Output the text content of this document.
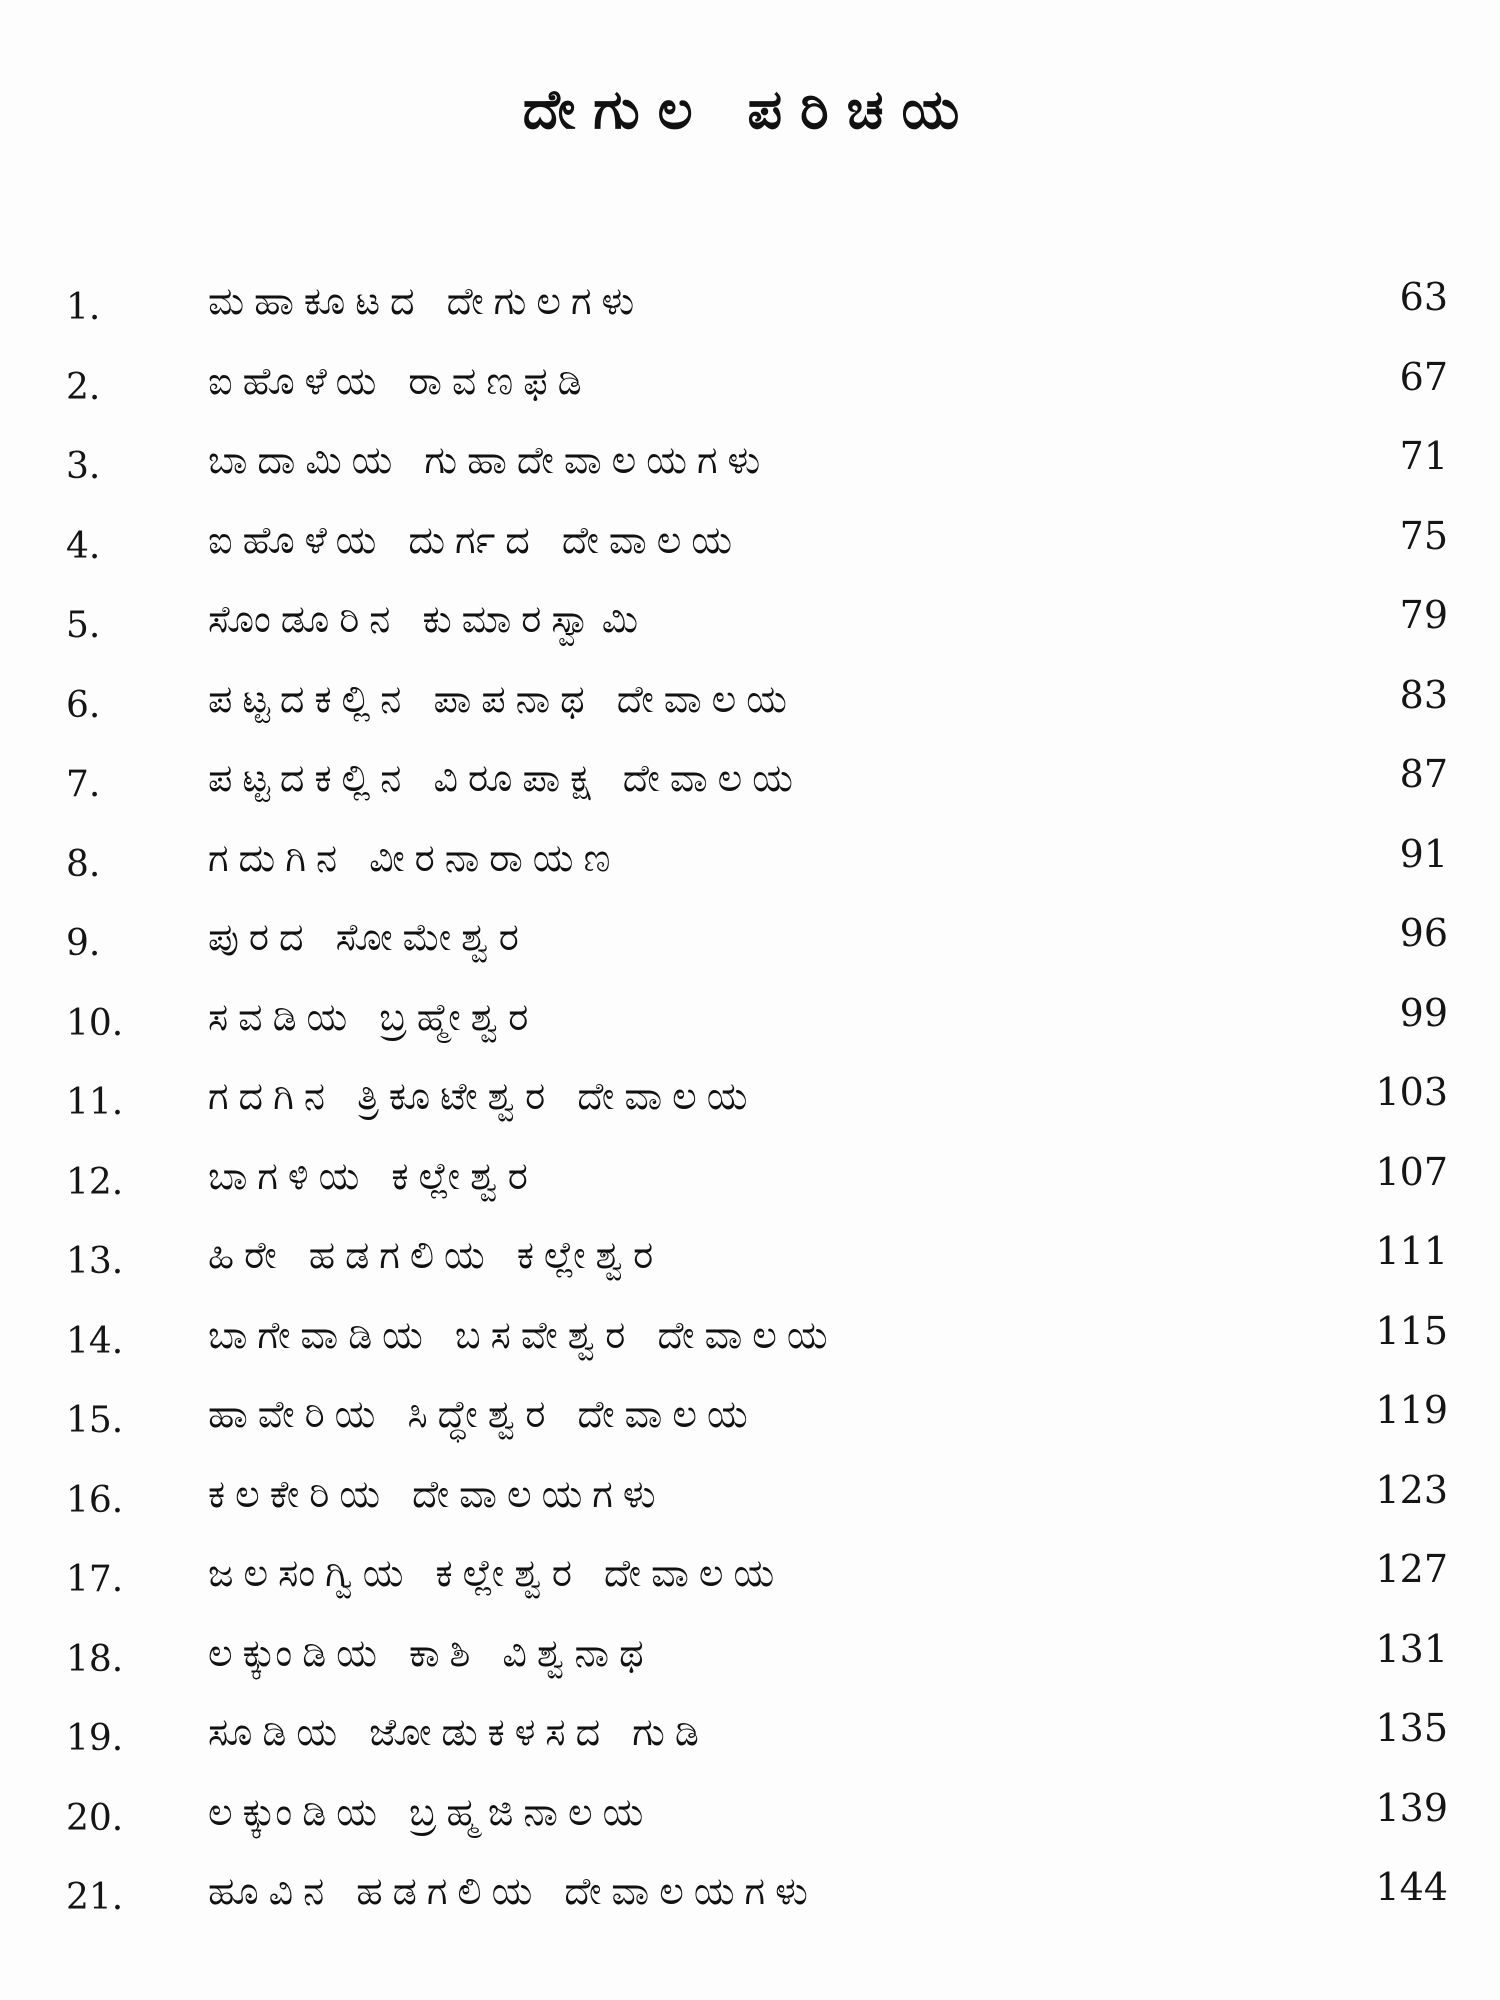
ದೇಗುಲ ಪರಿಚಯ
1.	ಮಹಾಕೂಟದ ದೇಗುಲಗಳು	63
2.	ಐಹೊಳೆಯ ರಾವಣಫಡಿ	67
3.	ಬಾದಾಮಿಯ ಗುಹಾದೇವಾಲಯಗಳು	71
4.	ಐಹೊಳೆಯ ದುರ್ಗದ ದೇವಾಲಯ	75
5.	ಸೊಂಡೂರಿನ ಕುಮಾರಸ್ವಾಮಿ	79
6.	ಪಟ್ಟದಕಲ್ಲಿನ ಪಾಪನಾಥ ದೇವಾಲಯ	83
7.	ಪಟ್ಟದಕಲ್ಲಿನ ವಿರೂಪಾಕ್ಷ ದೇವಾಲಯ	87
8.	ಗದುಗಿನ ವೀರನಾರಾಯಣ	91
9.	ಪುರದ ಸೋಮೇಶ್ವರ	96
10. ಸವಡಿಯ ಬ್ರಹ್ಮೇಶ್ವರ	99
11. ಗದಗಿನ ತ್ರಿಕೂಟೇಶ್ವರ ದೇವಾಲಯ	103
12. ಬಾಗಳಿಯ ಕಲ್ಲೇಶ್ವರ	107
13. ಹಿರೇ ಹಡಗಲಿಯ ಕಲ್ಲೇಶ್ವರ	111
14. ಬಾಗೇವಾಡಿಯ ಬಸವೇಶ್ವರ ದೇವಾಲಯ	115
15. ಹಾವೇರಿಯ ಸಿದ್ಧೇಶ್ವರ ದೇವಾಲಯ	119
16. ಕಲಕೇರಿಯ ದೇವಾಲಯಗಳು	123
17. ಜಲಸಂಗ್ವಿಯ ಕಲ್ಲೇಶ್ವರ ದೇವಾಲಯ	127
18. ಲಕ್ಕುಂಡಿಯ ಕಾಶಿ ವಿಶ್ವನಾಥ	131
19. ಸೂಡಿಯ ಜೋಡುಕಳಸದ ಗುಡಿ	135
20. ಲಕ್ಕುಂಡಿಯ ಬ್ರಹ್ಮಜಿನಾಲಯ	139
21. ಹೂವಿನ ಹಡಗಲಿಯ ದೇವಾಲಯಗಳು	144
